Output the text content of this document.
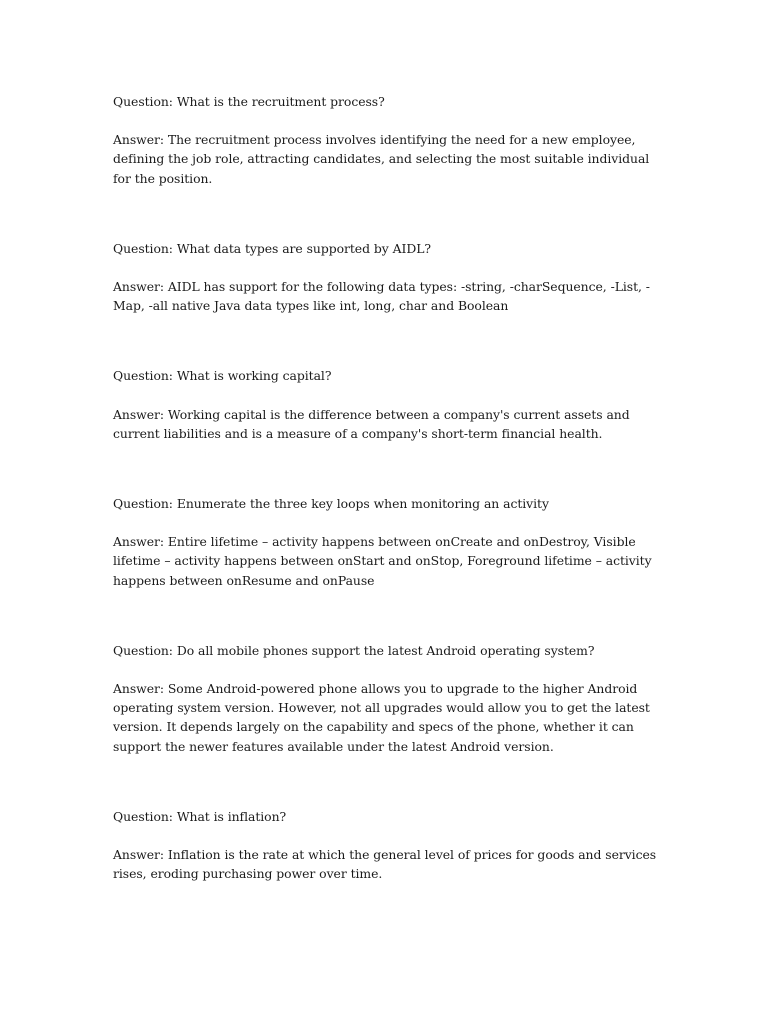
Question: What is the recruitment process?

Answer: The recruitment process involves identifying the need for a new employee, defining the job role, attracting candidates, and selecting the most suitable individual for the position.

Question: What data types are supported by AIDL?

Answer: AIDL has support for the following data types: -string, -charSequence, -List, -Map, -all native Java data types like int, long, char and Boolean

Question: What is working capital?

Answer: Working capital is the difference between a company's current assets and current liabilities and is a measure of a company's short-term financial health.

Question: Enumerate the three key loops when monitoring an activity

Answer: Entire lifetime – activity happens between onCreate and onDestroy, Visible lifetime – activity happens between onStart and onStop, Foreground lifetime – activity happens between onResume and onPause

Question: Do all mobile phones support the latest Android operating system?

Answer: Some Android-powered phone allows you to upgrade to the higher Android operating system version. However, not all upgrades would allow you to get the latest version. It depends largely on the capability and specs of the phone, whether it can support the newer features available under the latest Android version.

Question: What is inflation?

Answer: Inflation is the rate at which the general level of prices for goods and services rises, eroding purchasing power over time.
